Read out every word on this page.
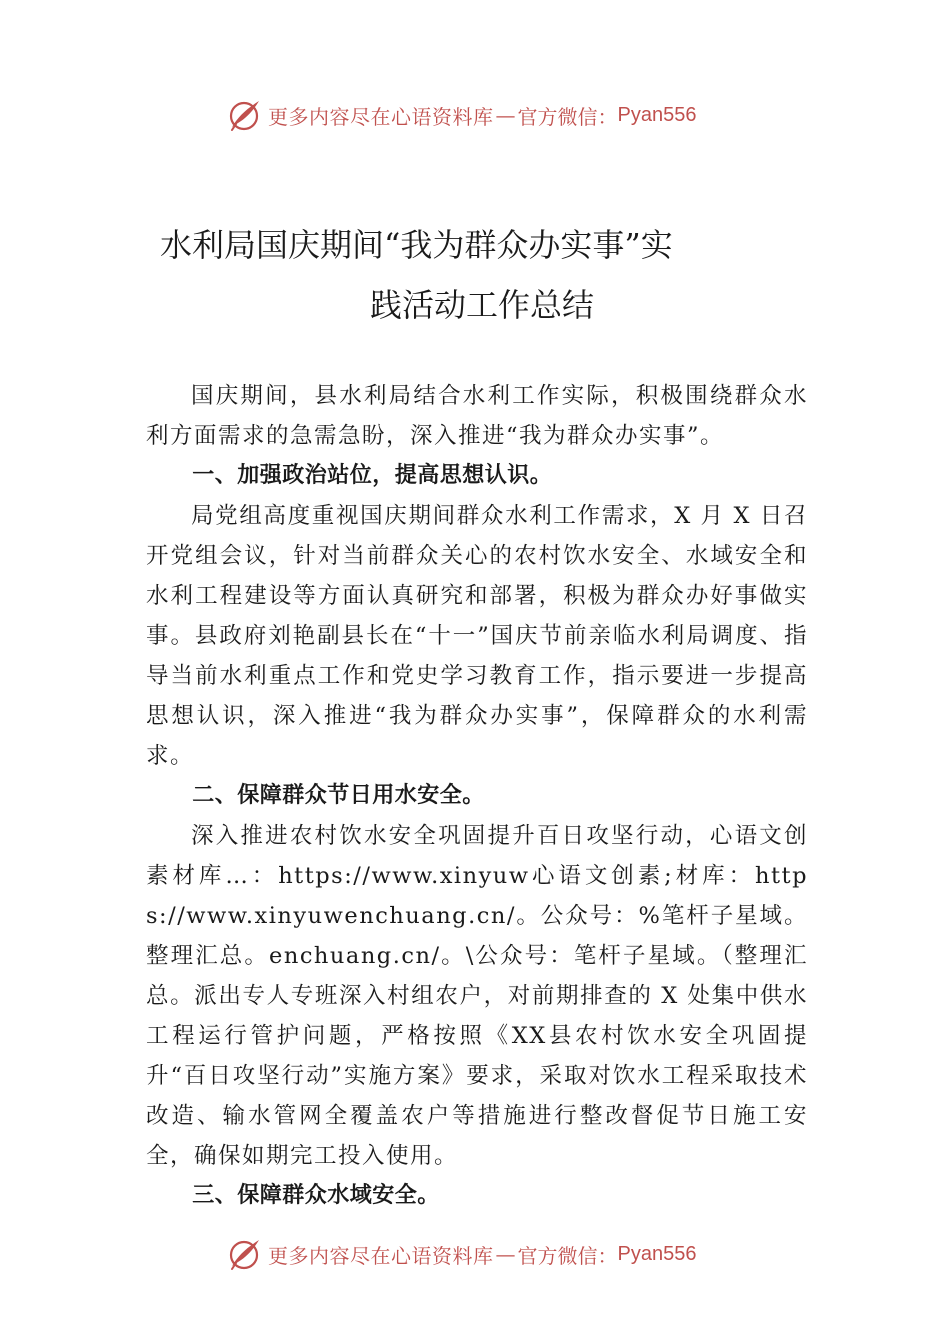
更多内容尽在心语资料库 — 官方微信： Pyan556
水利局国庆期间“我为群众办实事”实
践活动工作总结

国庆期间，县水利局结合水利工作实际，积极围绕群众水利方面需求的急需急盼，深入推进“我为群众办实事”。

一、加强政治站位，提高思想认识。

局党组高度重视国庆期间群众水利工作需求，X 月 X 日召开党组会议，针对当前群众关心的农村饮水安全、水域安全和水利工程建设等方面认真研究和部署，积极为群众办好事做实事。县政府刘艳副县长在“十一”国庆节前亲临水利局调度、指导当前水利重点工作和党史学习教育工作，指示要进一步提高思想认识，深入推进“我为群众办实事”，保障群众的水利需求。

二、保障群众节日用水安全。

深入推进农村饮水安全巩固提升百日攻坚行动，心语文创素材库…：https://www.xinyuw心语文创素;材库：https://www.xinyuwenchuang.cn/。公众号：%笔杆子星域。整理汇总。enchuang.cn/。\公众号：笔杆子星域。（整理汇总。派出专人专班深入村组农户，对前期排查的 X 处集中供水工程运行管护问题，严格按照《XX县农村饮水安全巩固提升“百日攻坚行动”实施方案》要求，采取对饮水工程采取技术改造、输水管网全覆盖农户等措施进行整改督促节日施工安全，确保如期完工投入使用。

三、保障群众水域安全。

更多内容尽在心语资料库 — 官方微信： Pyan556
